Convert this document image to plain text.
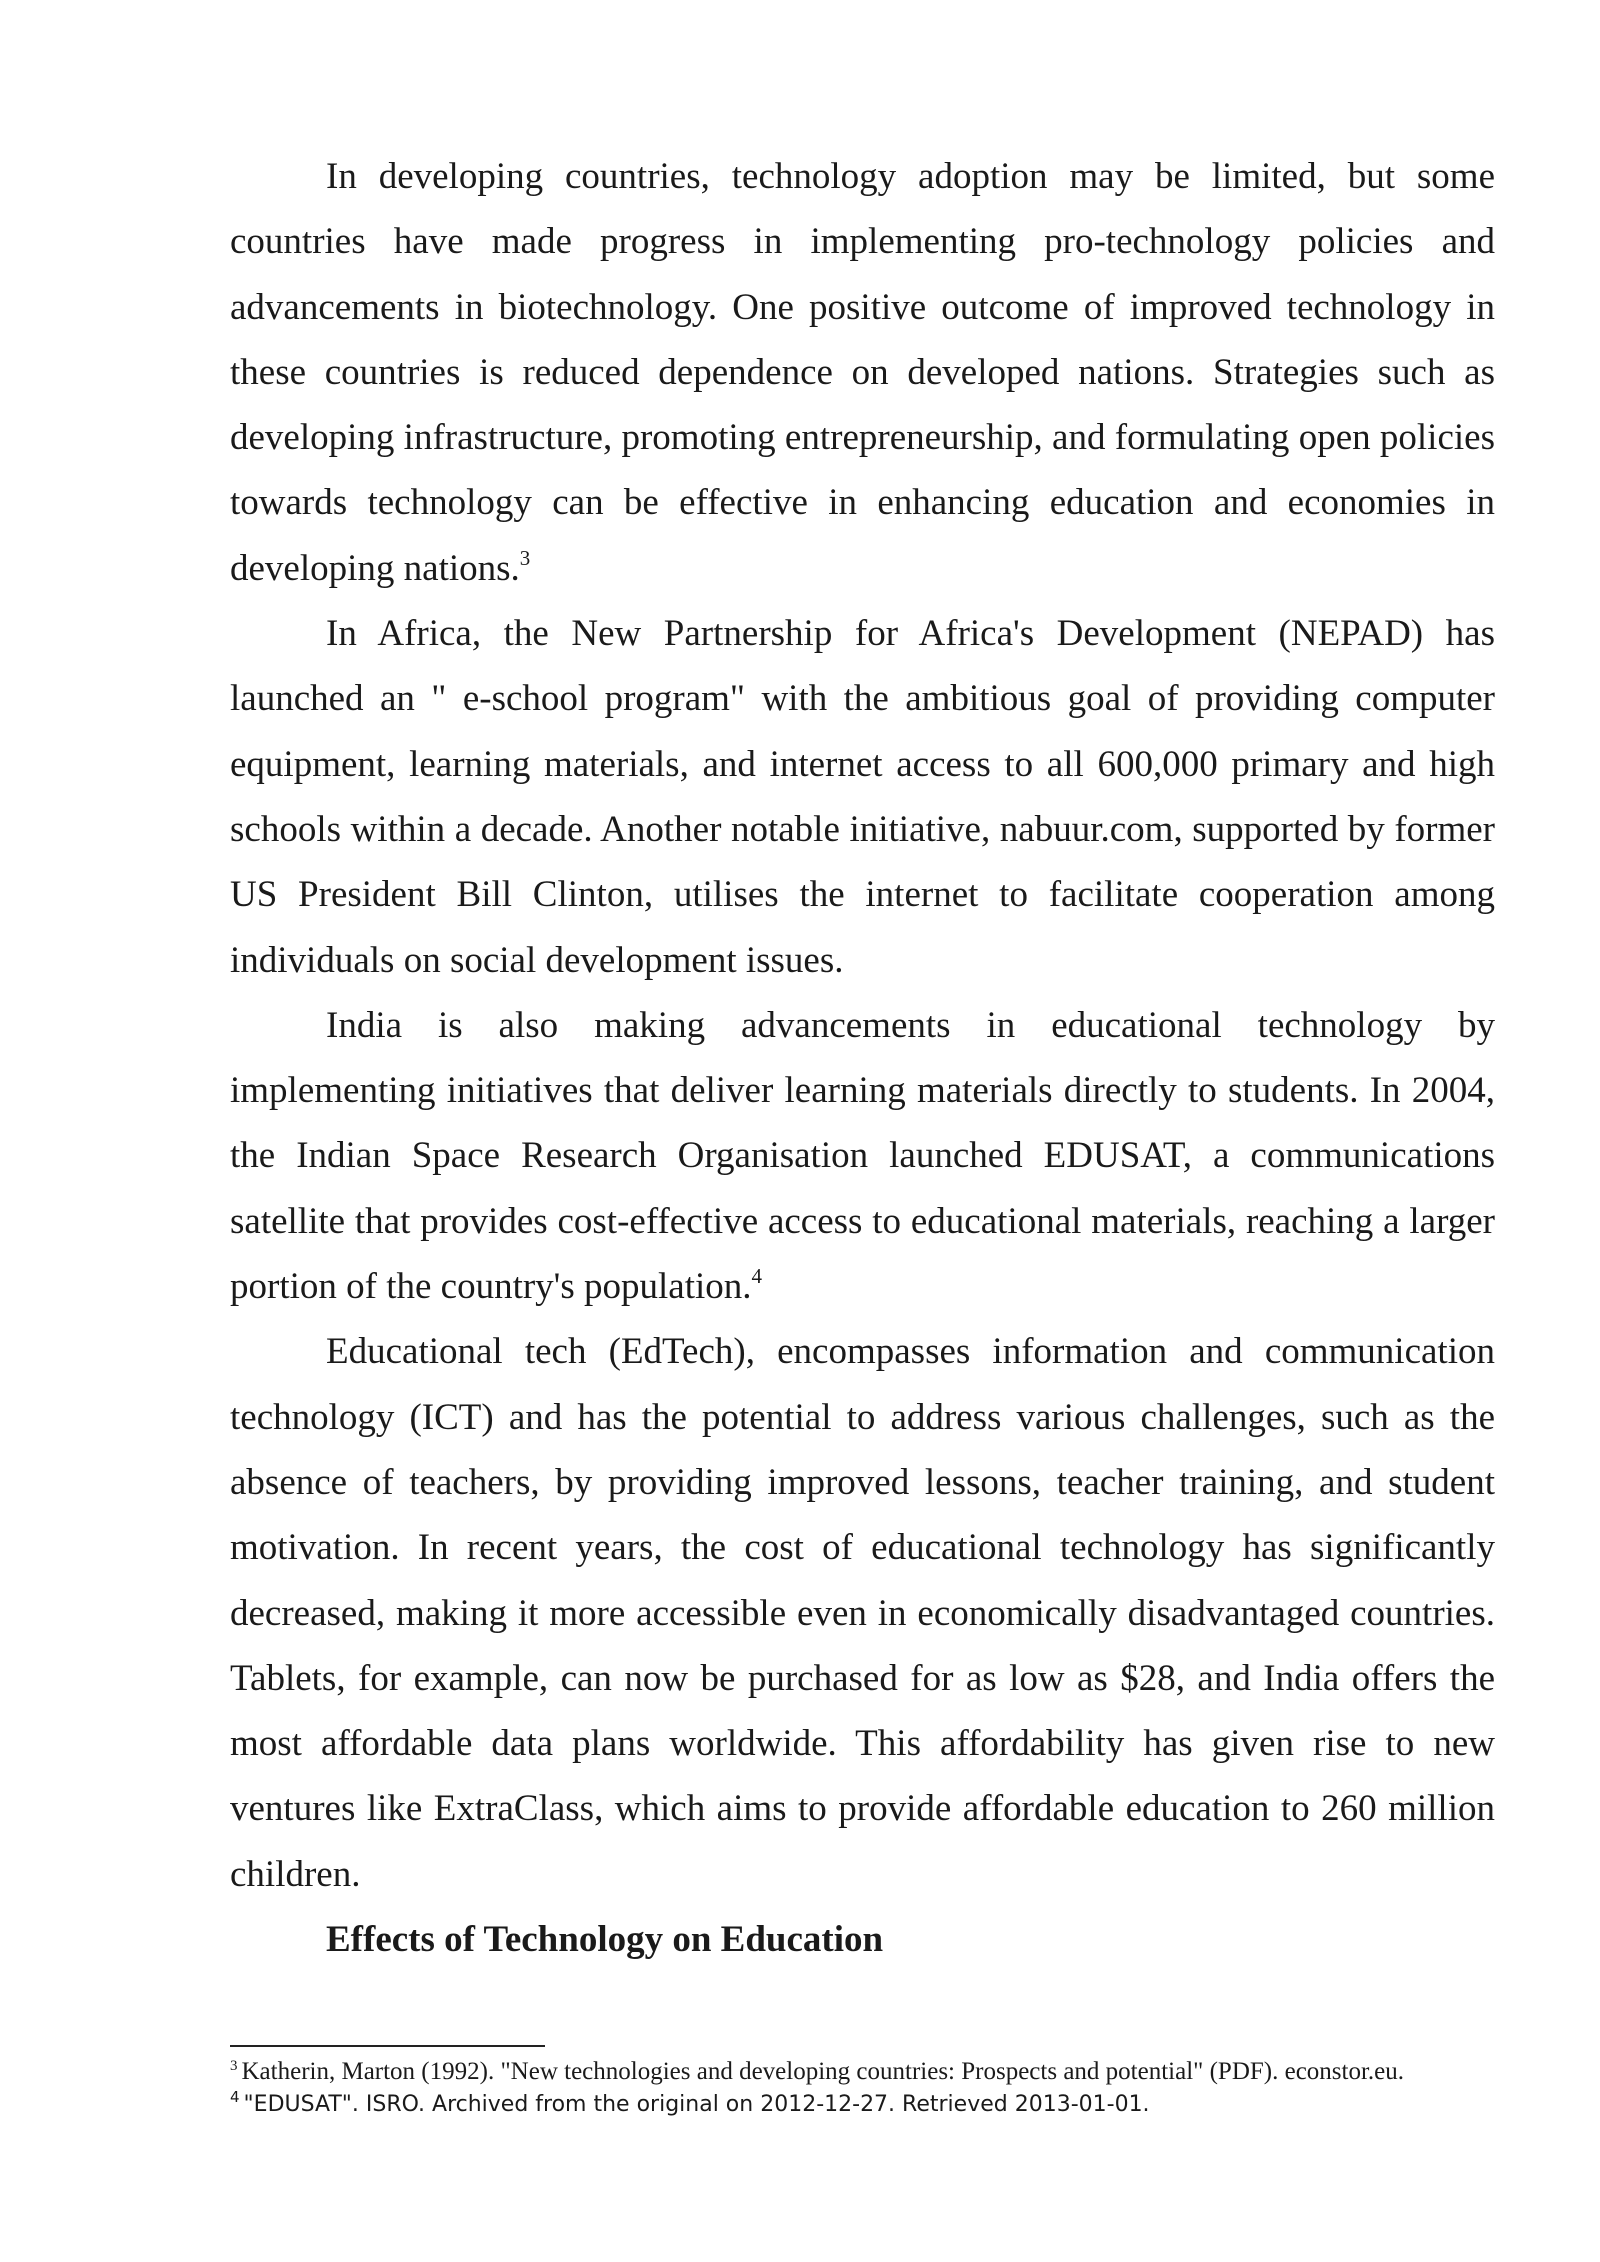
In developing countries, technology adoption may be limited, but some countries have made progress in implementing pro-technology policies and advancements in biotechnology. One positive outcome of improved technology in these countries is reduced dependence on developed nations. Strategies such as developing infrastructure, promoting entrepreneurship, and formulating open policies towards technology can be effective in enhancing education and economies in developing nations.$^3$

In Africa, the New Partnership for Africa's Development (NEPAD) has launched an " e-school program" with the ambitious goal of providing computer equipment, learning materials, and internet access to all 600,000 primary and high schools within a decade. Another notable initiative, nabuur.com, supported by former US President Bill Clinton, utilises the internet to facilitate cooperation among individuals on social development issues.

India is also making advancements in educational technology by implementing initiatives that deliver learning materials directly to students. In 2004, the Indian Space Research Organisation launched EDUSAT, a communications satellite that provides cost-effective access to educational materials, reaching a larger portion of the country's population.$^4$

Educational tech (EdTech), encompasses information and communication technology (ICT) and has the potential to address various challenges, such as the absence of teachers, by providing improved lessons, teacher training, and student motivation. In recent years, the cost of educational technology has significantly decreased, making it more accessible even in economically disadvantaged countries. Tablets, for example, can now be purchased for as low as $28, and India offers the most affordable data plans worldwide. This affordability has given rise to new ventures like ExtraClass, which aims to provide affordable education to 260 million children.

Effects of Technology on Education

$^3$ Katherin, Marton (1992). "New technologies and developing countries: Prospects and potential" (PDF). econstor.eu.

$^4$ "EDUSAT". ISRO. Archived from the original on 2012-12-27. Retrieved 2013-01-01.
